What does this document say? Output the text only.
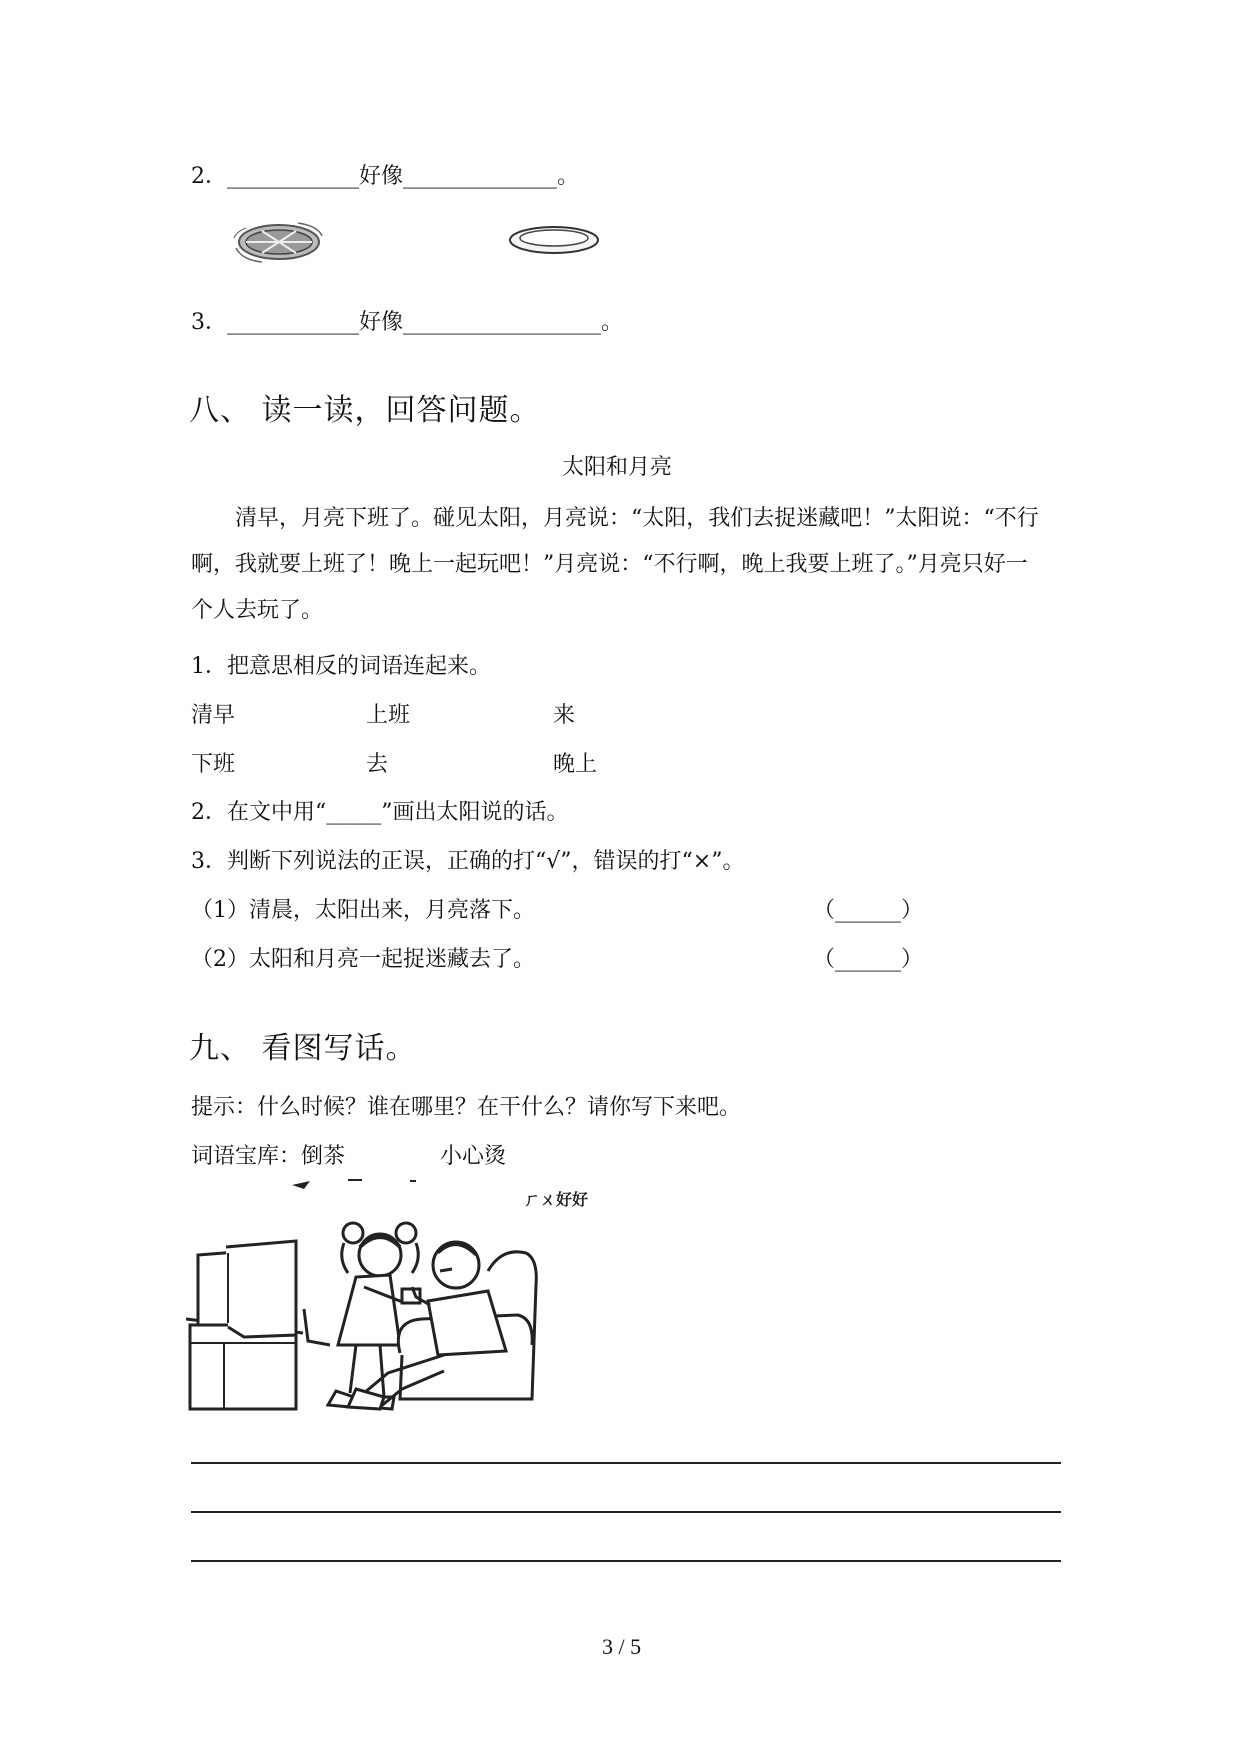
2．____________好像______________。
3．____________好像__________________。
八、 读一读，回答问题。
太阳和月亮
清早，月亮下班了。碰见太阳，月亮说：“太阳，我们去捉迷藏吧！”太阳说：“不行啊，我就要上班了！晚上一起玩吧！”月亮说：“不行啊，晚上我要上班了。”月亮只好一个人去玩了。
1．把意思相反的词语连起来。
清早	上班	来
下班	去	晚上
2．在文中用“_____”画出太阳说的话。
3．判断下列说法的正误，正确的打“√”，错误的打“×”。
（1）清晨，太阳出来，月亮落下。	（______）
（2）太阳和月亮一起捉迷藏去了。	（______）
九、 看图写话。
提示：什么时候？谁在哪里？在干什么？请你写下来吧。
词语宝库：倒茶	小心烫
ㄏㄨ好好
3 / 5
